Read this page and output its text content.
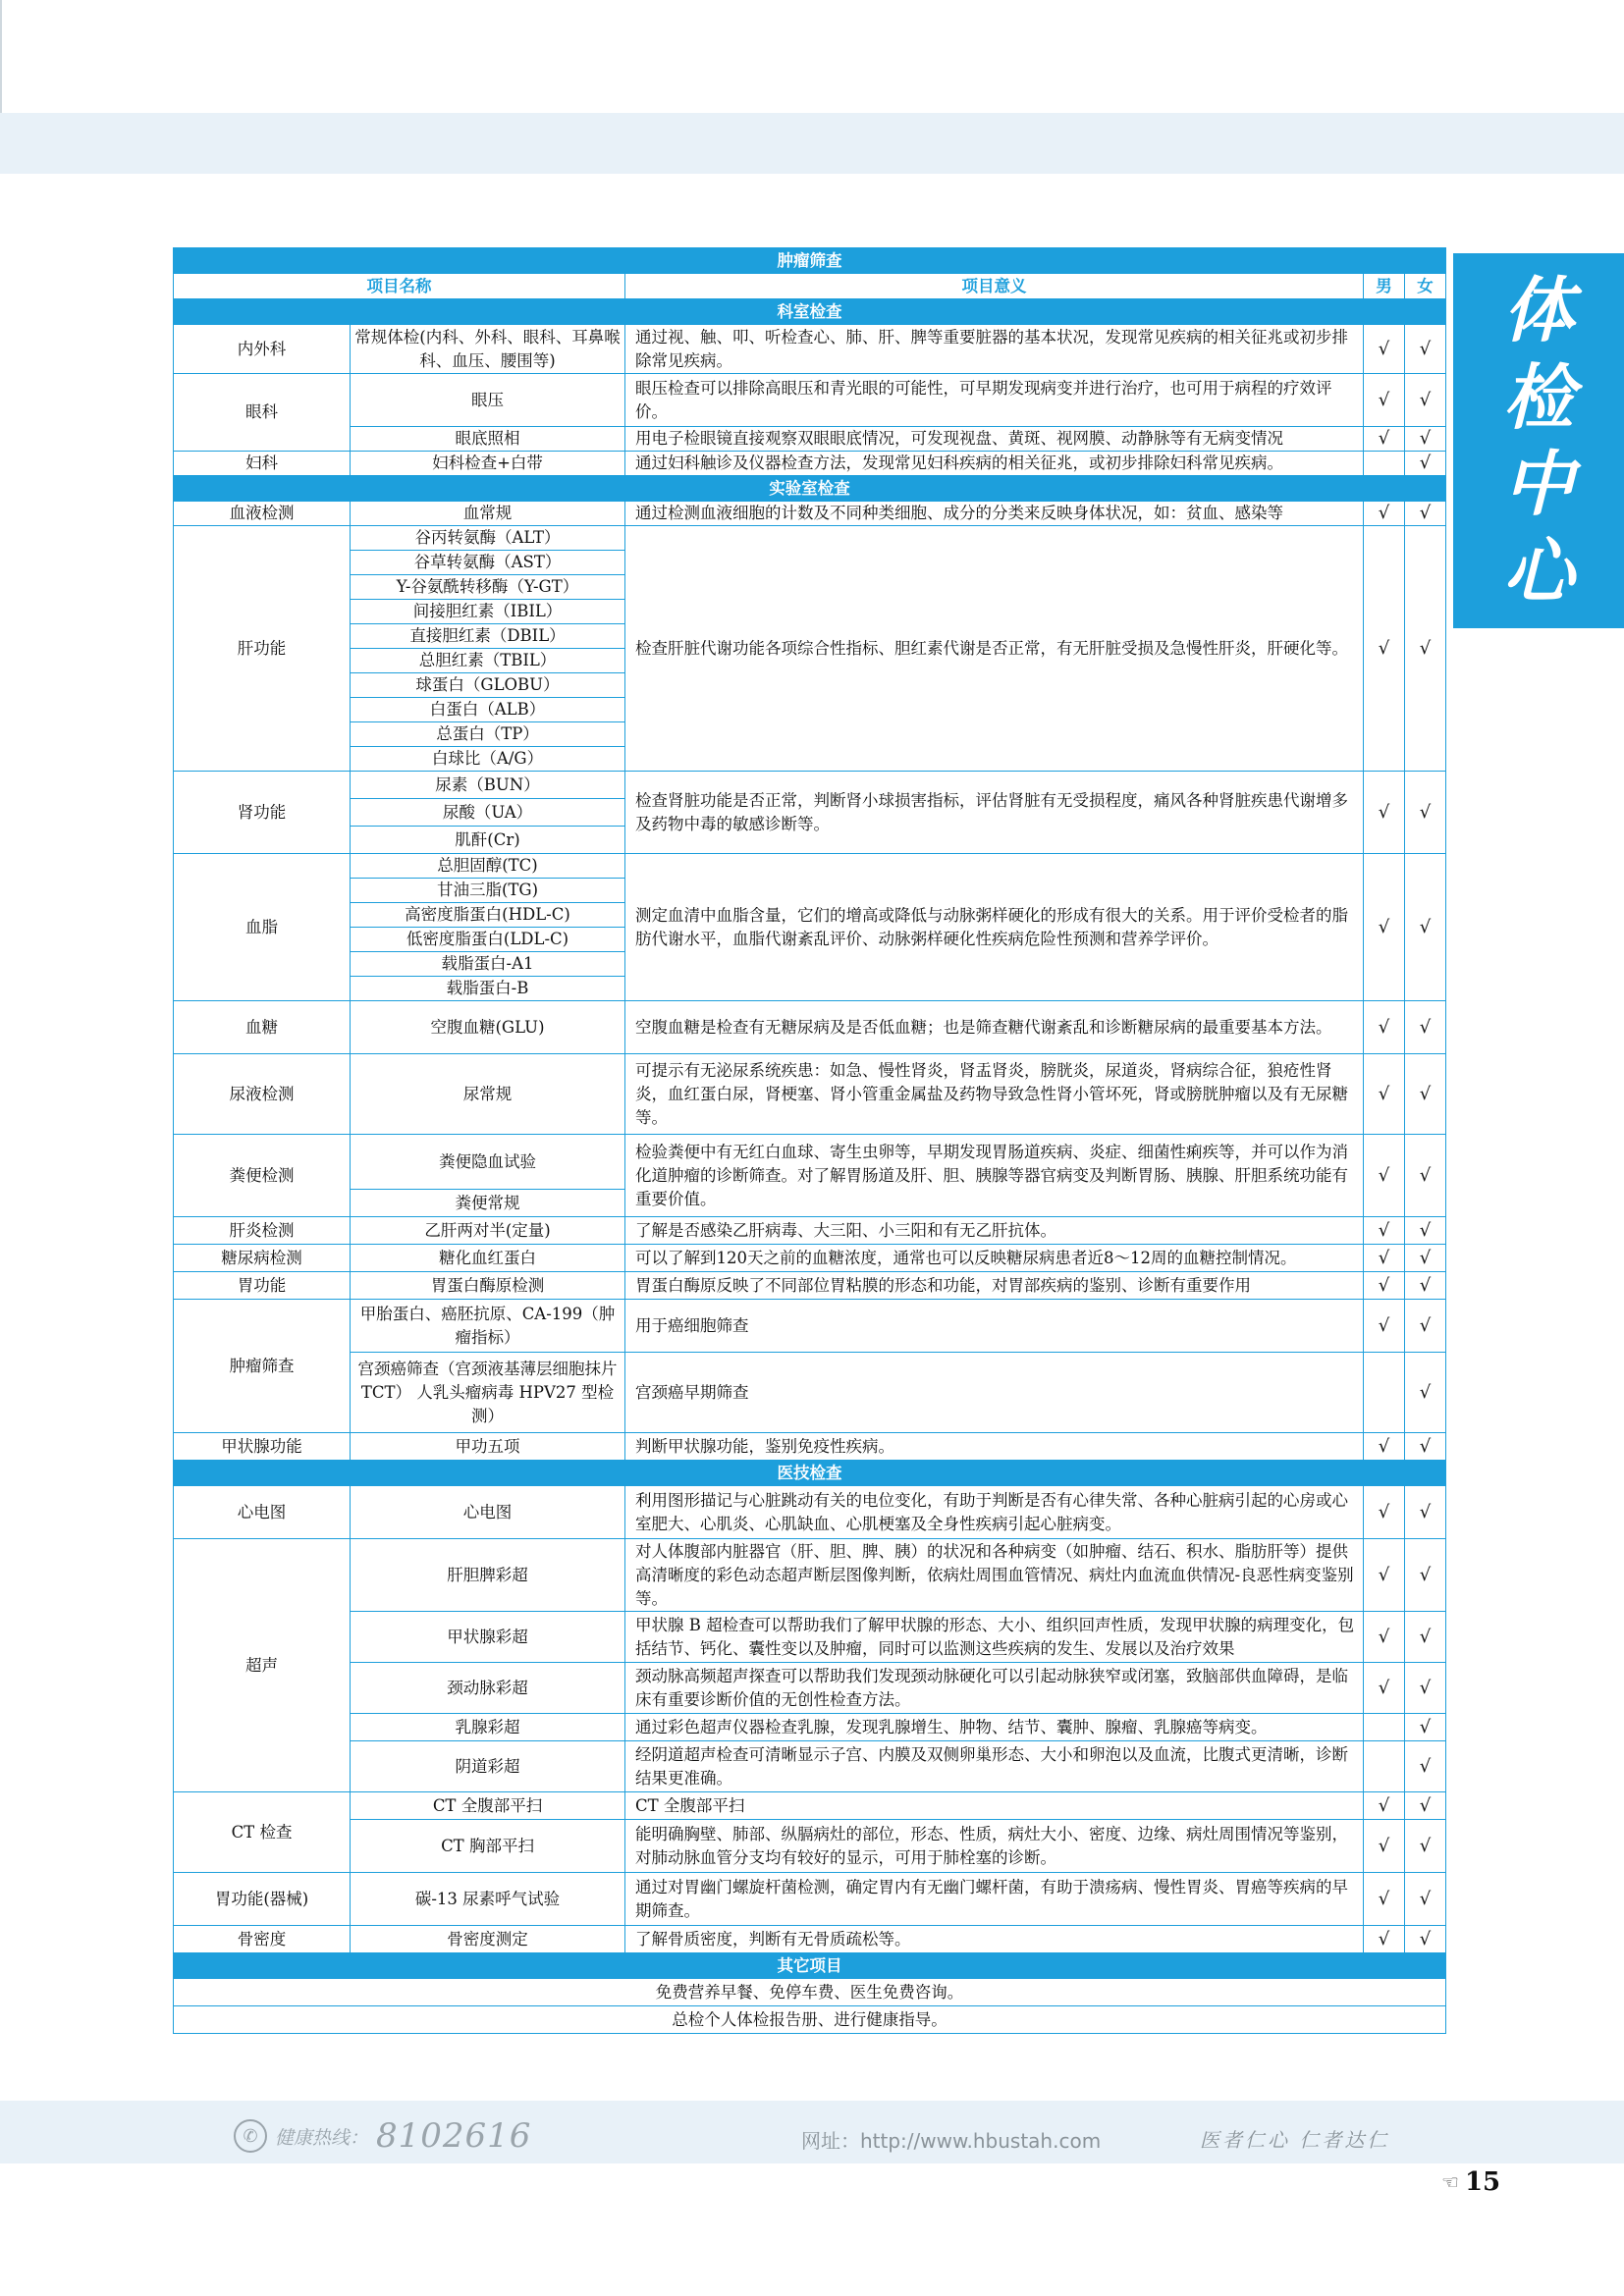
体
检
中
心
肿瘤筛查				
项目名称		项目意义	男	女
科室检查				
内外科	常规体检(内科、外科、眼科、耳鼻喉科、血压、腰围等)	通过视、触、叩、听检查心、肺、肝、脾等重要脏器的基本状况，发现常见疾病的相关征兆或初步排除常见疾病。	√	√
眼科	眼压	眼压检查可以排除高眼压和青光眼的可能性，可早期发现病变并进行治疗，也可用于病程的疗效评价。	√	√
	眼底照相	用电子检眼镜直接观察双眼眼底情况，可发现视盘、黄斑、视网膜、动静脉等有无病变情况	√	√
妇科	妇科检查+白带	通过妇科触诊及仪器检查方法，发现常见妇科疾病的相关征兆，或初步排除妇科常见疾病。		√
实验室检查				
血液检测	血常规	通过检测血液细胞的计数及不同种类细胞、成分的分类来反映身体状况，如：贫血、感染等	√	√
肝功能	谷丙转氨酶（ALT）	检查肝脏代谢功能各项综合性指标、胆红素代谢是否正常，有无肝脏受损及急慢性肝炎，肝硬化等。	√	√
	谷草转氨酶（AST）			
	Y-谷氨酰转移酶（Y-GT）			
	间接胆红素（IBIL）			
	直接胆红素（DBIL）			
	总胆红素（TBIL）			
	球蛋白（GLOBU）			
	白蛋白（ALB）			
	总蛋白（TP）			
	白球比（A/G）			
肾功能	尿素（BUN）	检查肾脏功能是否正常，判断肾小球损害指标，评估肾脏有无受损程度，痛风各种肾脏疾患代谢增多及药物中毒的敏感诊断等。	√	√
	尿酸（UA）			
	肌酐(Cr)			
血脂	总胆固醇(TC)	测定血清中血脂含量，它们的增高或降低与动脉粥样硬化的形成有很大的关系。用于评价受检者的脂肪代谢水平，血脂代谢紊乱评价、动脉粥样硬化性疾病危险性预测和营养学评价。	√	√
	甘油三脂(TG)			
	高密度脂蛋白(HDL-C)			
	低密度脂蛋白(LDL-C)			
	载脂蛋白-A1			
	载脂蛋白-B			
血糖	空腹血糖(GLU)	空腹血糖是检查有无糖尿病及是否低血糖；也是筛查糖代谢紊乱和诊断糖尿病的最重要基本方法。	√	√
尿液检测	尿常规	可提示有无泌尿系统疾患：如急、慢性肾炎，肾盂肾炎，膀胱炎，尿道炎，肾病综合征，狼疮性肾炎，血红蛋白尿，肾梗塞、肾小管重金属盐及药物导致急性肾小管坏死，肾或膀胱肿瘤以及有无尿糖等。	√	√
粪便检测	粪便隐血试验	检验粪便中有无红白血球、寄生虫卵等，早期发现胃肠道疾病、炎症、细菌性痢疾等，并可以作为消化道肿瘤的诊断筛查。对了解胃肠道及肝、胆、胰腺等器官病变及判断胃肠、胰腺、肝胆系统功能有重要价值。	√	√
	粪便常规			
肝炎检测	乙肝两对半(定量)	了解是否感染乙肝病毒、大三阳、小三阳和有无乙肝抗体。	√	√
糖尿病检测	糖化血红蛋白	可以了解到120天之前的血糖浓度，通常也可以反映糖尿病患者近8～12周的血糖控制情况。	√	√
胃功能	胃蛋白酶原检测	胃蛋白酶原反映了不同部位胃粘膜的形态和功能，对胃部疾病的鉴别、诊断有重要作用	√	√
肿瘤筛查	甲胎蛋白、癌胚抗原、CA-199（肿瘤指标）	用于癌细胞筛查	√	√
	宫颈癌筛查（宫颈液基薄层细胞抹片 TCT） 人乳头瘤病毒 HPV27 型检测）	宫颈癌早期筛查		√
甲状腺功能	甲功五项	判断甲状腺功能，鉴别免疫性疾病。	√	√
医技检查				
心电图	心电图	利用图形描记与心脏跳动有关的电位变化，有助于判断是否有心律失常、各种心脏病引起的心房或心室肥大、心肌炎、心肌缺血、心肌梗塞及全身性疾病引起心脏病变。	√	√
超声	肝胆脾彩超	对人体腹部内脏器官（肝、胆、脾、胰）的状况和各种病变（如肿瘤、结石、积水、脂肪肝等）提供高清晰度的彩色动态超声断层图像判断，依病灶周围血管情况、病灶内血流血供情况-良恶性病变鉴别等。	√	√
	甲状腺彩超	甲状腺 B 超检查可以帮助我们了解甲状腺的形态、大小、组织回声性质，发现甲状腺的病理变化，包括结节、钙化、囊性变以及肿瘤，同时可以监测这些疾病的发生、发展以及治疗效果	√	√
	颈动脉彩超	颈动脉高频超声探查可以帮助我们发现颈动脉硬化可以引起动脉狭窄或闭塞，致脑部供血障碍，是临床有重要诊断价值的无创性检查方法。	√	√
	乳腺彩超	通过彩色超声仪器检查乳腺，发现乳腺增生、肿物、结节、囊肿、腺瘤、乳腺癌等病变。		√
	阴道彩超	经阴道超声检查可清晰显示子宫、内膜及双侧卵巢形态、大小和卵泡以及血流，比腹式更清晰，诊断结果更准确。		√
CT 检查	CT 全腹部平扫	CT 全腹部平扫	√	√
	CT 胸部平扫	能明确胸壁、肺部、纵膈病灶的部位，形态、性质，病灶大小、密度、边缘、病灶周围情况等鉴别，对肺动脉血管分支均有较好的显示，可用于肺栓塞的诊断。	√	√
胃功能(器械)	碳-13 尿素呼气试验	通过对胃幽门螺旋杆菌检测，确定胃内有无幽门螺杆菌，有助于溃疡病、慢性胃炎、胃癌等疾病的早期筛查。	√	√
骨密度	骨密度测定	了解骨质密度，判断有无骨质疏松等。	√	√
其它项目				
免费营养早餐、免停车费、医生免费咨询。				
总检个人体检报告册、进行健康指导。				
✆ 健康热线： 8102616	网址：http://www.hbustah.com	医者仁心 仁者达仁
☜ 15
